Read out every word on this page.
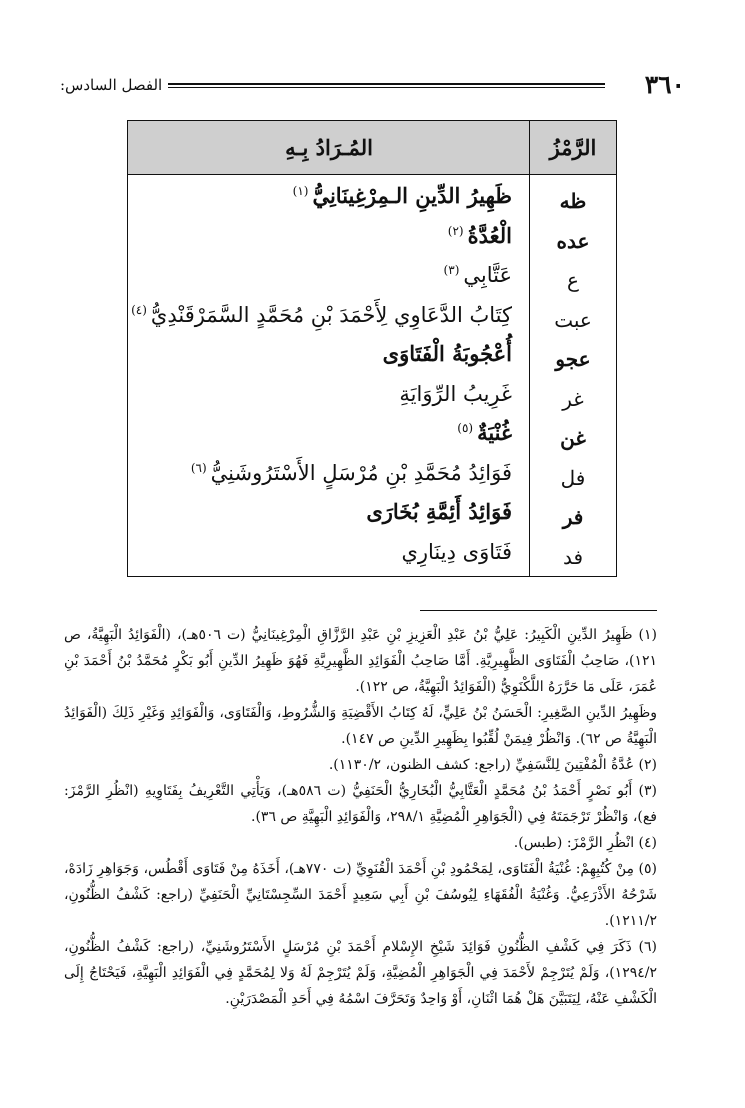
٣٦٠
الفصل السادس:
الرَّمْزُ
المُـرَادُ بِـهِ
ظه
ظَهِيرُ الدِّينِ الـمِرْغِينَانِيُّ$^{(١)}$
عده
الْعُدَّةُ$^{(٢)}$
ع
عَتَّابِي$^{(٣)}$
عبت
كِتَابُ الدَّعَاوِي لِأَحْمَدَ بْنِ مُحَمَّدٍ السَّمَرْقَنْدِيُّ$^{(٤)}$
عجو
أُعْجُوبَةُ الْفَتَاوَى
غر
غَرِيبُ الرِّوَايَةِ
غن
غُنْيَةٌ$^{(٥)}$
فل
فَوَائِدُ مُحَمَّدِ بْنِ مُرْسَلٍ الأَسْتَرُوشَنِيُّ$^{(٦)}$
فر
فَوَائِدُ أَئِمَّةِ بُخَارَى
فد
فَتَاوَى دِينَارِي

(١) ظَهِيرُ الدِّينِ الْكَبِيرُ: عَلِيُّ بْنُ عَبْدِ الْعَزِيزِ بْنِ عَبْدِ الرَّزَّاقِ الْمِرْغِينَانِيُّ (ت ٥٠٦هـ)، (الْفَوَائِدُ الْبَهِيَّةُ، ص ١٢١)، صَاحِبُ الْفَتَاوَى الظَّهِيرِيَّةِ. أَمَّا صَاحِبُ الْفَوَائِدِ الظَّهِيرِيَّةِ فَهُوَ ظَهِيرُ الدِّينِ أَبُو بَكْرٍ مُحَمَّدُ بْنُ أَحْمَدَ بْنِ عُمَرَ، عَلَى مَا حَرَّرَهُ اللَّكْنَوِيُّ (الْفَوَائِدُ الْبَهِيَّةُ، ص ١٢٢).

وظَهِيرُ الدِّينِ الصَّغِيرِ: الْحَسَنُ بْنُ عَلِيٍّ، لَهُ كِتَابُ الأَقْضِيَةِ وَالشُّرُوطِ، وَالْفَتَاوَى، وَالْفَوَائِدِ وَغَيْرِ ذَلِكَ (الْفَوَائِدُ الْبَهِيَّةُ ص ٦٢). وَانْظُرْ فِيمَنْ لُقِّبُوا بِظَهِيرِ الدِّينِ ص ١٤٧).

(٢) عُدَّةُ الْمُفْتِينَ لِلنَّسَفِيِّ (راجع: كشف الظنون، ١١٣٠/٢).

(٣) أَبُو نَصْرٍ أَحْمَدُ بْنُ مُحَمَّدٍ الْعَتَّابِيُّ الْبُخَارِيُّ الْحَنَفِيُّ (ت ٥٨٦هـ)، وَيَأْتِي التَّعْرِيفُ بِفَتَاوِيهِ (انْظُرِ الرَّمْزَ: فع)، وَانْظُرْ تَرْجَمَتَهُ فِي (الْجَوَاهِرِ الْمُضِيَّةِ ٢٩٨/١، وَالْفَوَائِدِ الْبَهِيَّةِ ص ٣٦).

(٤) انْظُرِ الرَّمْزَ: (طبس).

(٥) مِنْ كُتُبِهِمْ: غُنْيَةُ الْفَتَاوَى، لِمَحْمُودِ بْنِ أَحْمَدَ الْقُنَوِيِّ (ت ٧٧٠هـ)، أَخَذَهُ مِنْ فَتَاوَى أَقْطُس، وَجَوَاهِرِ زَادَهْ، شَرْحُهُ الأَذْرَعِيُّ. وَغُنْيَةُ الْفُقَهَاءِ لِيُوسُفَ بْنِ أَبِي سَعِيدٍ أَحْمَدَ السِّجِسْتَانِيِّ الْحَنَفِيِّ (راجع: كَشْفُ الظُّنُونِ، ١٢١١/٢).

(٦) ذَكَرَ فِي كَشْفِ الظُّنُونِ فَوَائِدَ شَيْخِ الإِسْلامِ أَحْمَدَ بْنِ مُرْسَلٍ الأَسْتَرُوشَنِيِّ، (راجع: كَشْفُ الظُّنُونِ، ١٢٩٤/٢)، وَلَمْ يُتَرْجِمْ لأَحْمَدَ فِي الْجَوَاهِرِ الْمُضِيَّةِ، وَلَمْ يُتَرْجِمْ لَهُ وَلا لِمُحَمَّدٍ فِي الْفَوَائِدِ الْبَهِيَّةِ، فَيَحْتَاجُ إِلَى الْكَشْفِ عَنْهُ، لِيَتَبَيَّنَ هَلْ هُمَا اثْنَانِ، أَوْ وَاحِدٌ وَتَحَرَّفَ اسْمُهُ فِي أَحَدِ الْمَصْدَرَيْنِ.
